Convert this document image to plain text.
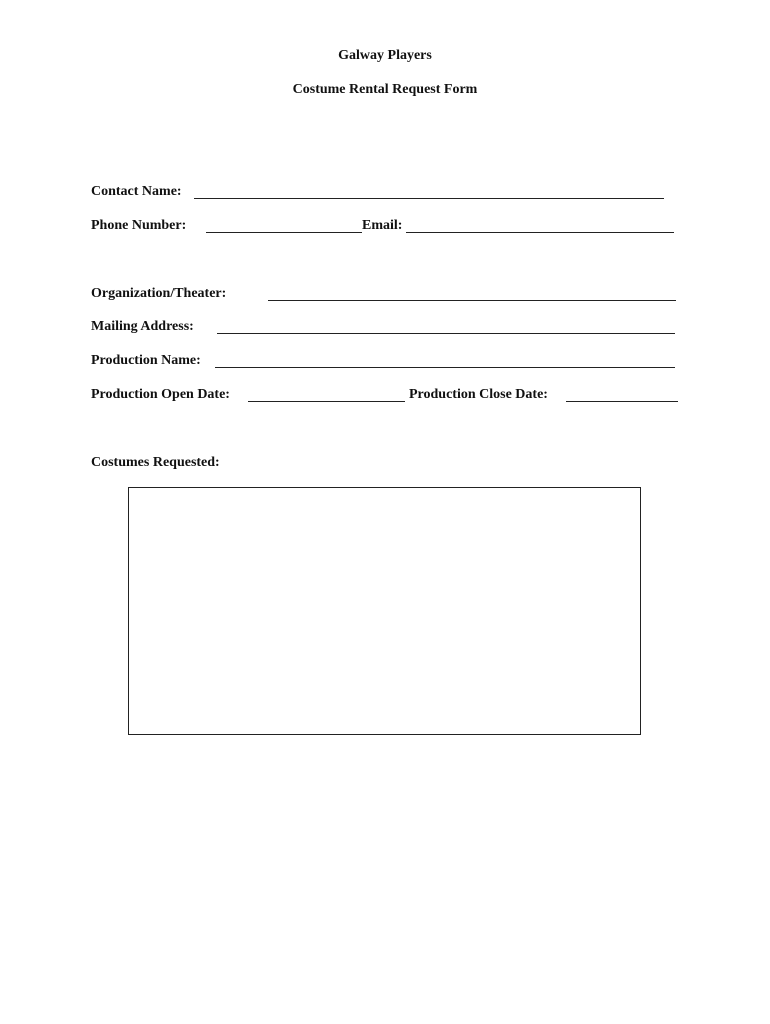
Galway Players
Costume Rental Request Form
Contact Name:
Phone Number:	Email:
Organization/Theater:
Mailing Address:
Production Name:
Production Open Date:	Production Close Date:
Costumes Requested:
